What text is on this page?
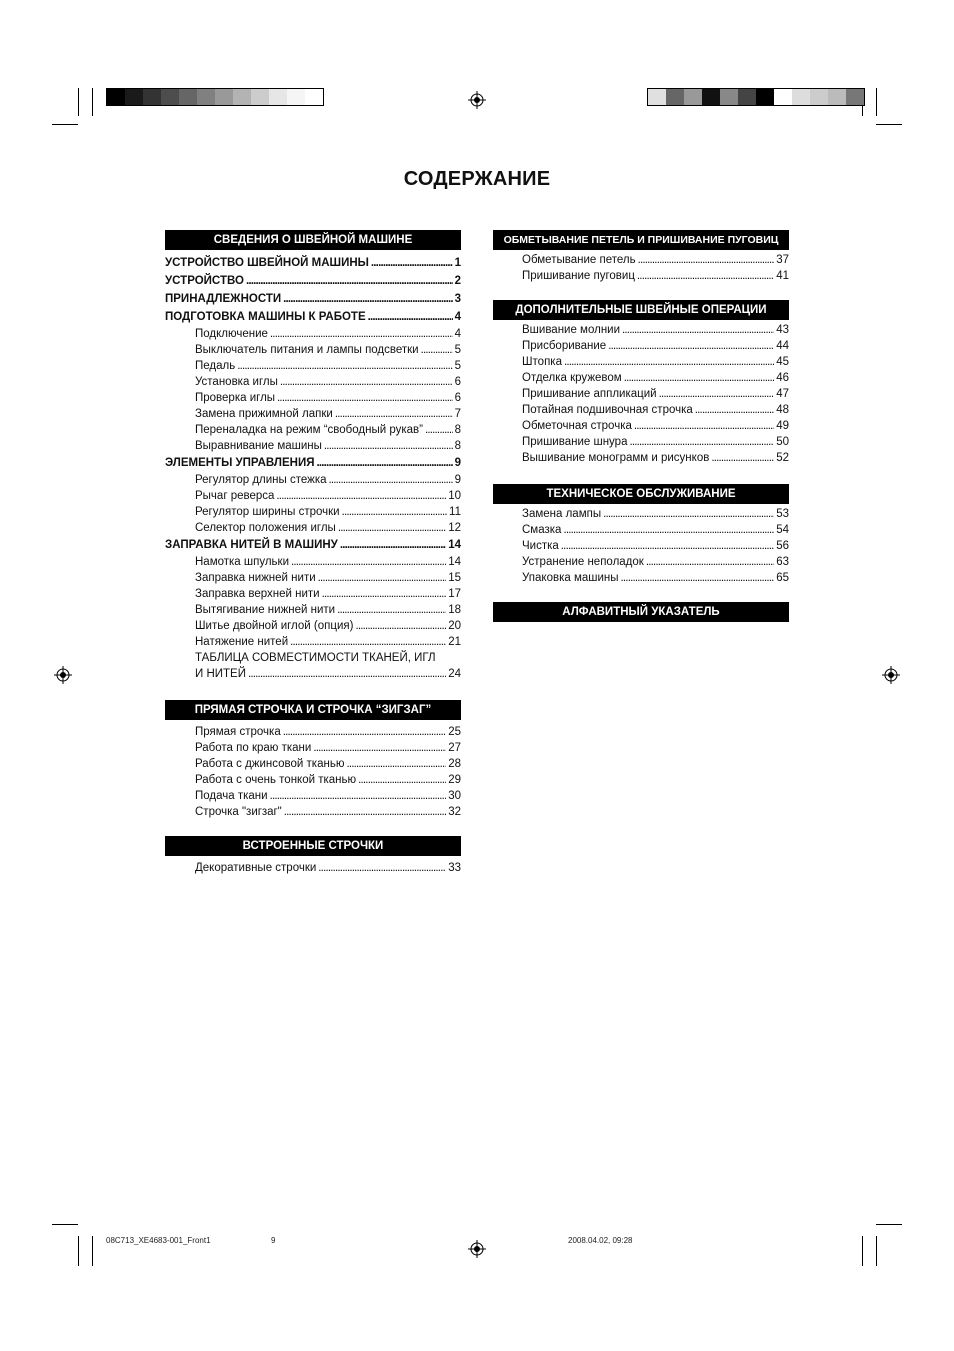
СОДЕРЖАНИЕ
СВЕДЕНИЯ О ШВЕЙНОЙ МАШИНЕ
УСТРОЙСТВО ШВЕЙНОЙ МАШИНЫ . . .	1
УСТРОЙСТВО . . .	2
ПРИНАДЛЕЖНОСТИ . . .	3
ПОДГОТОВКА МАШИНЫ К РАБОТЕ . . .	4
Подключение . . .	4
Выключатель питания и лампы подсветки . . .	5
Педаль . . .	5
Установка иглы . . .	6
Проверка иглы . . .	6
Замена прижимной лапки . . .	7
Переналадка на режим “свободный рукав” . . .	8
Выравнивание машины . . .	8
ЭЛЕМЕНТЫ УПРАВЛЕНИЯ . . .	9
Регулятор длины стежка . . .	9
Рычаг реверса . . .	10
Регулятор ширины строчки . . .	11
Селектор положения иглы . . .	12
ЗАПРАВКА НИТЕЙ В МАШИНУ . . .	14
Намотка шпульки . . .	14
Заправка нижней нити . . .	15
Заправка верхней нити . . .	17
Вытягивание нижней нити . . .	18
Шитье двойной иглой (опция) . . .	20
Натяжение нитей . . .	21
ТАБЛИЦА СОВМЕСТИМОСТИ ТКАНЕЙ, ИГЛ
И НИТЕЙ . . .	24
ПРЯМАЯ СТРОЧКА И СТРОЧКА “ЗИГЗАГ”
Прямая строчка . . .	25
Работа по краю ткани . . .	27
Работа с джинсовой тканью . . .	28
Работа с очень тонкой тканью . . .	29
Подача ткани . . .	30
Строчка "зигзаг" . . .	32
ВСТРОЕННЫЕ СТРОЧКИ
Декоративные строчки . . .	33
ОБМЕТЫВАНИЕ ПЕТЕЛЬ И ПРИШИВАНИЕ ПУГОВИЦ
Обметывание петель . . .	37
Пришивание пуговиц . . .	41
ДОПОЛНИТЕЛЬНЫЕ ШВЕЙНЫЕ ОПЕРАЦИИ
Вшивание молнии . . .	43
Присборивание . . .	44
Штопка . . .	45
Отделка кружевом . . .	46
Пришивание аппликаций . . .	47
Потайная подшивочная строчка . . .	48
Обметочная строчка . . .	49
Пришивание шнура . . .	50
Вышивание монограмм и рисунков . . .	52
ТЕХНИЧЕСКОЕ ОБСЛУЖИВАНИЕ
Замена лампы . . .	53
Смазка . . .	54
Чистка . . .	56
Устранение неполадок . . .	63
Упаковка машины . . .	65
АЛФАВИТНЫЙ УКАЗАТЕЛЬ
08C713_XE4683-001_Front1	9	2008.04.02, 09:28
